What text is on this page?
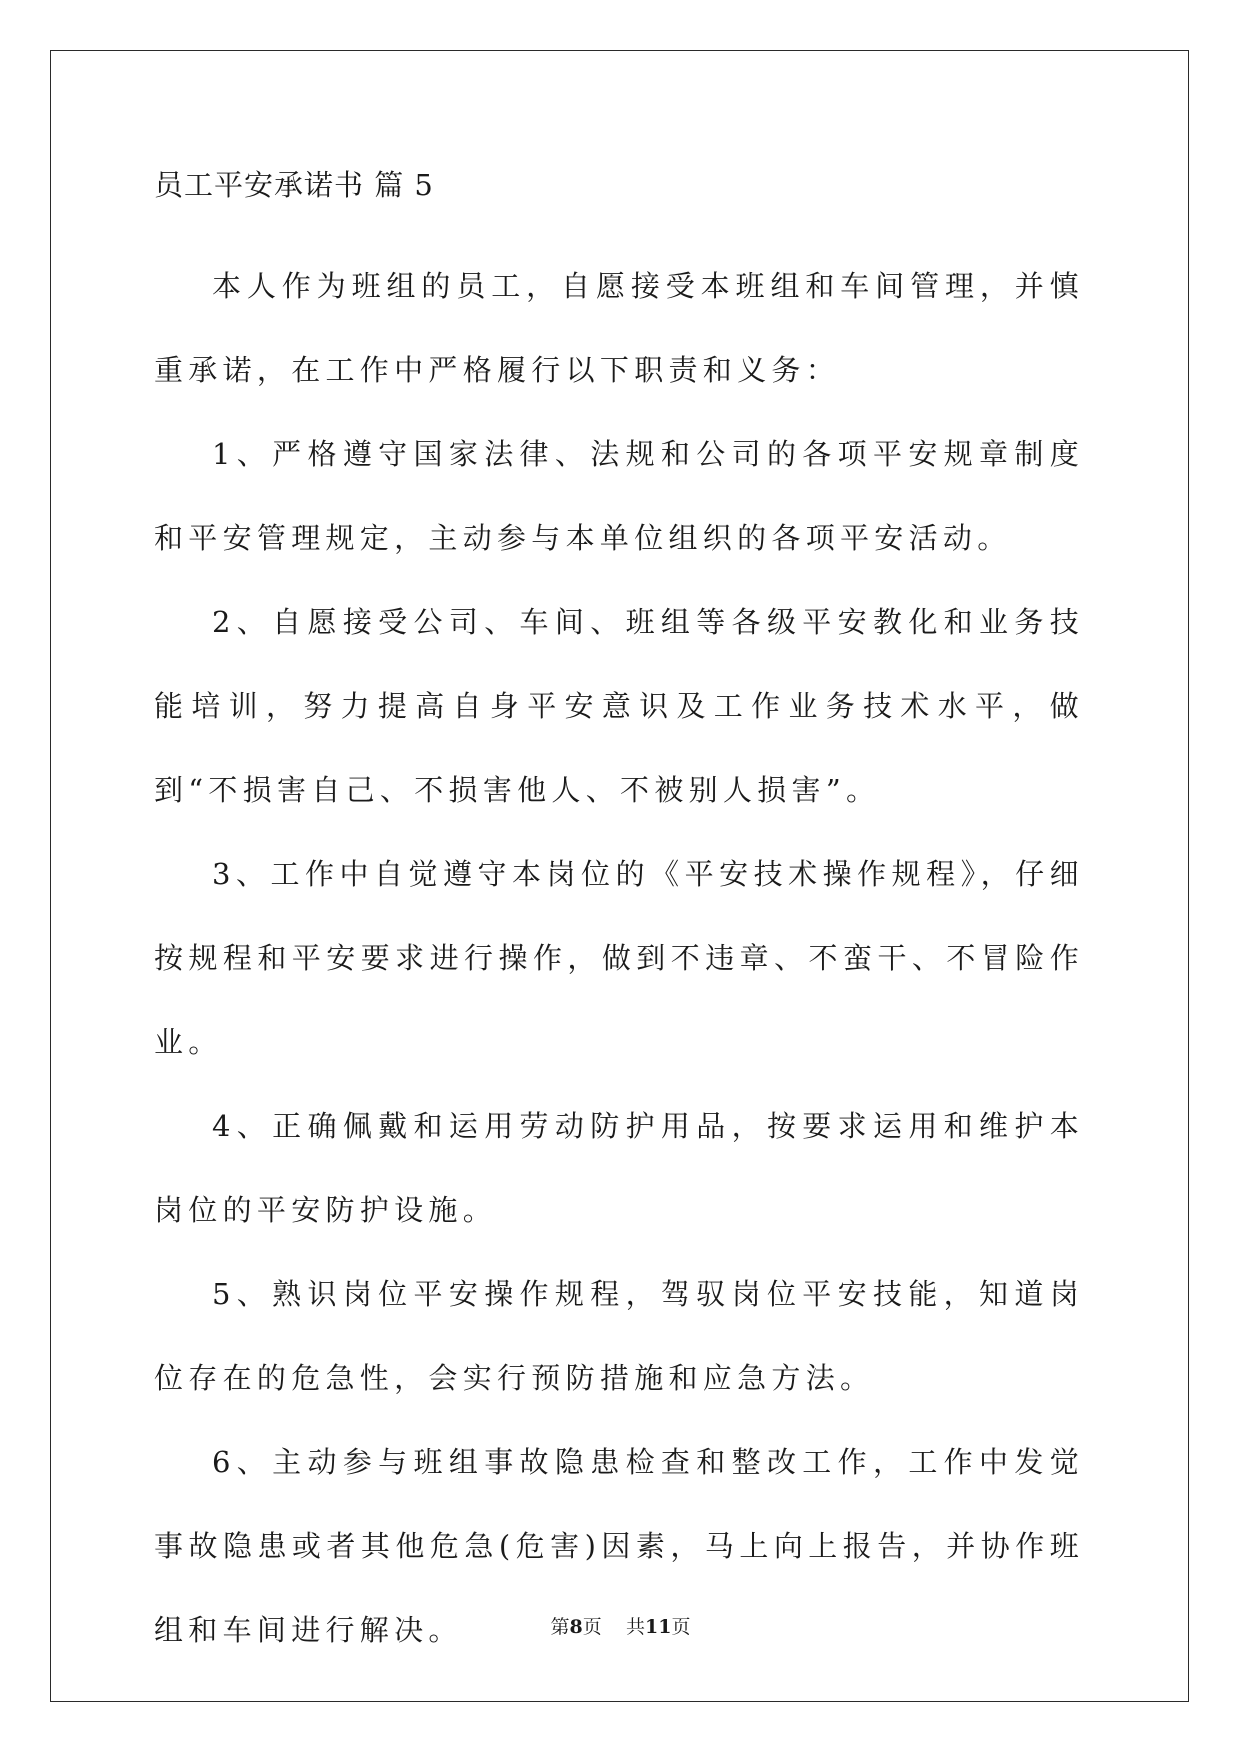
员工平安承诺书 篇 5

本人作为班组的员工，自愿接受本班组和车间管理，并慎重承诺，在工作中严格履行以下职责和义务：

1、严格遵守国家法律、法规和公司的各项平安规章制度和平安管理规定，主动参与本单位组织的各项平安活动。

2、自愿接受公司、车间、班组等各级平安教化和业务技能培训，努力提高自身平安意识及工作业务技术水平，做到“不损害自己、不损害他人、不被别人损害”。

3、工作中自觉遵守本岗位的《平安技术操作规程》，仔细按规程和平安要求进行操作，做到不违章、不蛮干、不冒险作业。

4、正确佩戴和运用劳动防护用品，按要求运用和维护本岗位的平安防护设施。

5、熟识岗位平安操作规程，驾驭岗位平安技能，知道岗位存在的危急性，会实行预防措施和应急方法。

6、主动参与班组事故隐患检查和整改工作，工作中发觉事故隐患或者其他危急(危害)因素，马上向上报告，并协作班组和车间进行解决。	第8页 共11页
